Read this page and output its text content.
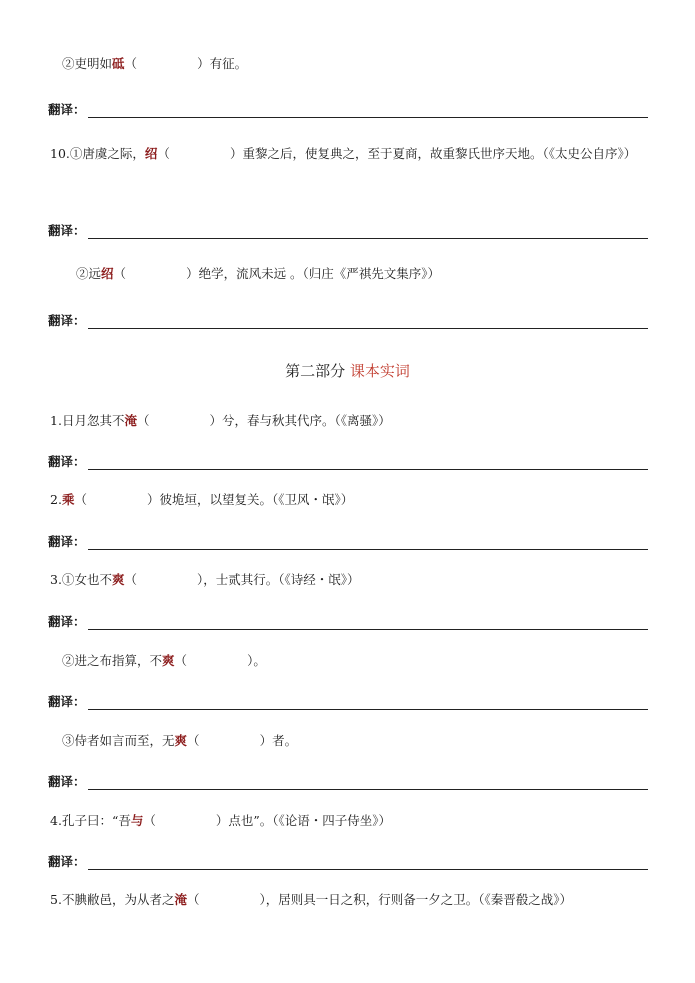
②吏明如砥（	）有征。
翻译：
10.①唐虞之际，绍（	）重黎之后，使复典之，至于夏商，故重黎氏世序天地。（《太史公自序》）
翻译：
②远绍（	）绝学，流风未远 。（归庄《严祺先文集序》）
翻译：
第二部分 课本实词
1.日月忽其不淹（	）兮，春与秋其代序。（《离骚》）
翻译：
2.乘（	）彼垝垣，以望复关。（《卫风・氓》）
翻译：
3.①女也不爽（	），士贰其行。（《诗经・氓》）
翻译：
②进之布指算，不爽（	）。
翻译：
③侍者如言而至，无爽（	）者。
翻译：
4.孔子曰：“吾与（	）点也”。（《论语・四子侍坐》）
翻译：
5.不腆敝邑，为从者之淹（	），居则具一日之积，行则备一夕之卫。（《秦晋殽之战》）
